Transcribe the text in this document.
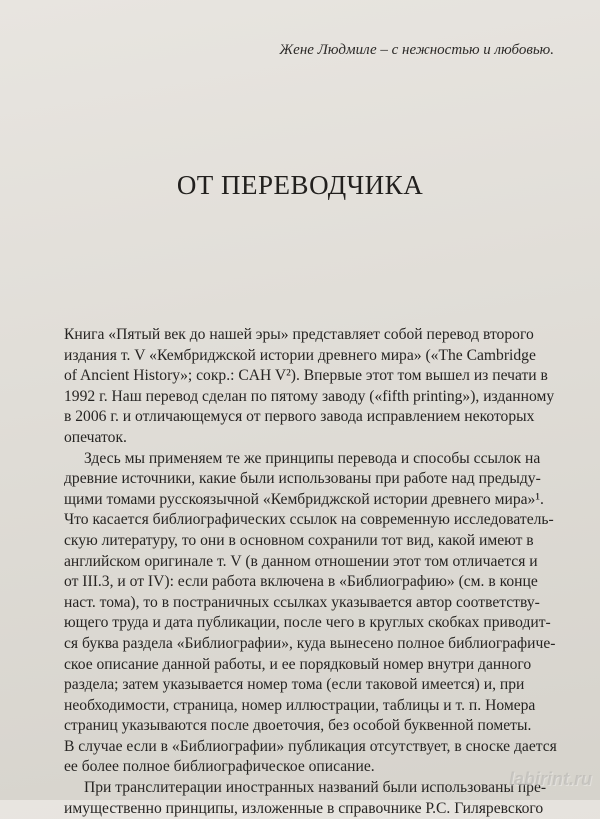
Жене Людмиле – с нежностью и любовью.
ОТ ПЕРЕВОДЧИКА
Книга «Пятый век до нашей эры» представляет собой перевод второго
издания т. V «Кембриджской истории древнего мира» («The Cambridge
of Ancient History»; сокр.: CAH V²). Впервые этот том вышел из печати в
1992 г. Наш перевод сделан по пятому заводу («fifth printing»), изданному
в 2006 г. и отличающемуся от первого завода исправлением некоторых
опечаток.
Здесь мы применяем те же принципы перевода и способы ссылок на
древние источники, какие были использованы при работе над предыду-
щими томами русскоязычной «Кембриджской истории древнего мира»¹.
Что касается библиографических ссылок на современную исследователь-
скую литературу, то они в основном сохранили тот вид, какой имеют в
английском оригинале т. V (в данном отношении этот том отличается и
от III.3, и от IV): если работа включена в «Библиографию» (см. в конце
наст. тома), то в постраничных ссылках указывается автор соответству-
ющего труда и дата публикации, после чего в круглых скобках приводит-
ся буква раздела «Библиографии», куда вынесено полное библиографиче-
ское описание данной работы, и ее порядковый номер внутри данного
раздела; затем указывается номер тома (если таковой имеется) и, при
необходимости, страница, номер иллюстрации, таблицы и т. п. Номера
страниц указываются после двоеточия, без особой буквенной пометы.
В случае если в «Библиографии» публикация отсутствует, в сноске дается
ее более полное библиографическое описание.
При транслитерации иностранных названий были использованы пре-
имущественно принципы, изложенные в справочнике Р.С. Гиляревского
labirint.ru
